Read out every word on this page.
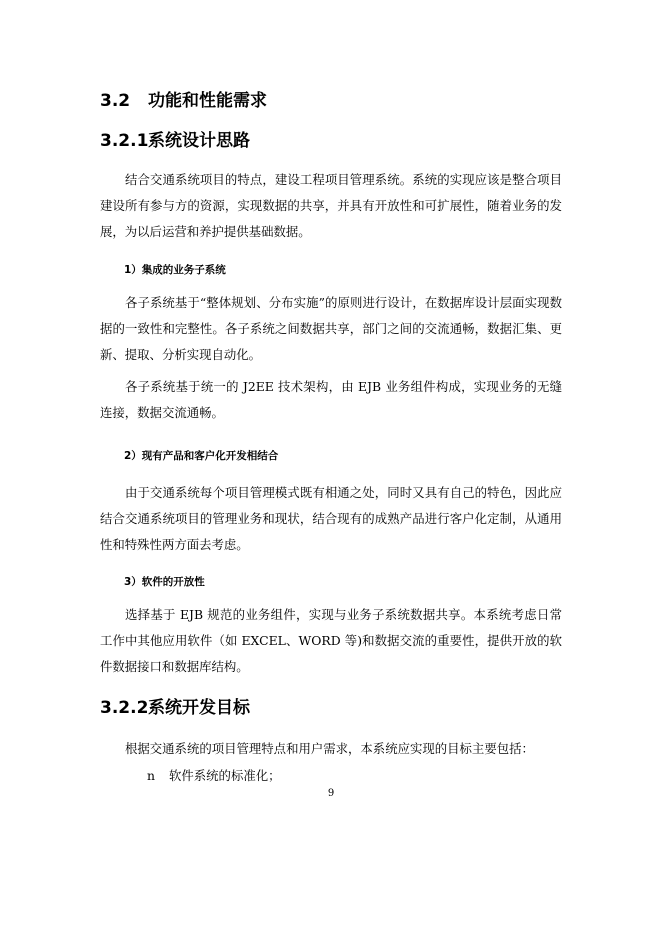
3.2 功能和性能需求
3.2.1系统设计思路

结合交通系统项目的特点，建设工程项目管理系统。系统的实现应该是整合项目建设所有参与方的资源，实现数据的共享，并具有开放性和可扩展性，随着业务的发展，为以后运营和养护提供基础数据。

1）集成的业务子系统

各子系统基于“整体规划、分布实施”的原则进行设计，在数据库设计层面实现数据的一致性和完整性。各子系统之间数据共享，部门之间的交流通畅，数据汇集、更新、提取、分析实现自动化。

各子系统基于统一的 J2EE 技术架构，由 EJB 业务组件构成，实现业务的无缝连接，数据交流通畅。

2）现有产品和客户化开发相结合

由于交通系统每个项目管理模式既有相通之处，同时又具有自己的特色，因此应结合交通系统项目的管理业务和现状，结合现有的成熟产品进行客户化定制，从通用性和特殊性两方面去考虑。

3）软件的开放性

选择基于 EJB 规范的业务组件，实现与业务子系统数据共享。本系统考虑日常工作中其他应用软件（如 EXCEL、WORD 等)和数据交流的重要性，提供开放的软件数据接口和数据库结构。

3.2.2系统开发目标

根据交通系统的项目管理特点和用户需求，本系统应实现的目标主要包括：

n 软件系统的标准化；

9
